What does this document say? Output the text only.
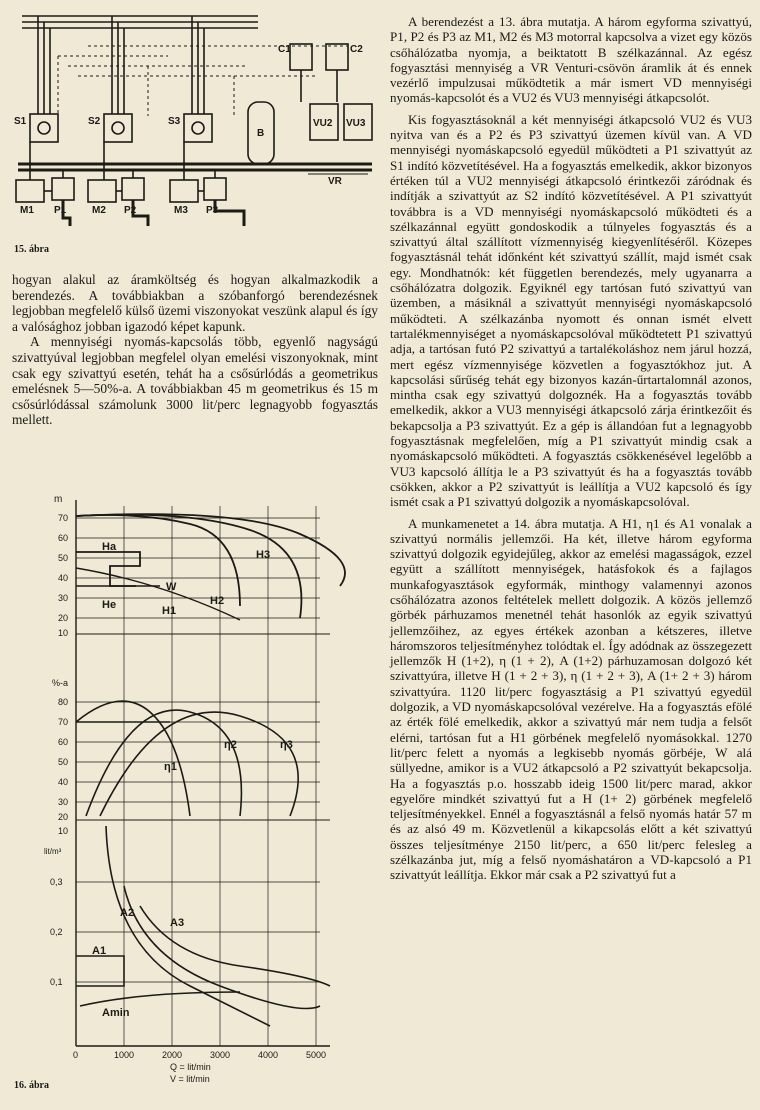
S1	S2	S3
C1	C2
M1 P1	M2 P2	M3 P3
B
VU2 VU3
VR
15. ábra

hogyan alakul az áramköltség és hogyan alkalmazkodik a berendezés. A továbbiakban a szóbanforgó berendezésnek legjobban megfelelő külső üzemi viszonyokat veszünk alapul és így a valósághoz jobban igazodó képet kapunk.

A mennyiségi nyomás-kapcsolás több, egyenlő nagyságú szivattyúval legjobban megfelel olyan emelési viszonyoknak, mint csak egy szivattyú esetén, tehát ha a csősúrlódás a geometrikus emelésnek 5—50%-a. A továbbiakban 45 m geometrikus és 15 m csősúrlódással számolunk 3000 lit/perc legnagyobb fogyasztás mellett.

m
70
60
50
40
30
20
10
%-a
80
70
60
50
40
30
20
10
lit/m³
0,3
0,2
0,1
0	1000	2000	3000	4000	5000
Q = lit/min
V = lit/min
H3
H2
H1
W
Ha
He
η1
η2	η3
A1
A2
A3
Amin
16. ábra

A berendezést a 13. ábra mutatja. A három egyforma szivattyú, P1, P2 és P3 az M1, M2 és M3 motorral kapcsolva a vizet egy közös csőhálózatba nyomja, a beiktatott B szélkazánnal. Az egész fogyasztási mennyiség a VR Venturi-csövön áramlik át és ennek vezérlő impulzusai működtetik a már ismert VD mennyiségi nyomás-kapcsolót és a VU2 és VU3 mennyiségi átkapcsolót.

Kis fogyasztásoknál a két mennyiségi átkapcsoló VU2 és VU3 nyitva van és a P2 és P3 szivattyú üzemen kívül van. A VD mennyiségi nyomáskapcsoló egyedül működteti a P1 szivattyút az S1 indító közvetítésével. Ha a fogyasztás emelkedik, akkor bizonyos értéken túl a VU2 mennyiségi átkapcsoló érintkezői záródnak és indítják a szivattyút az S2 indító közvetítésével. A P1 szivattyút továbbra is a VD mennyiségi nyomáskapcsoló működteti és a szélkazánnal együtt gondoskodik a túlnyeles fogyasztás és a szivattyú által szállított vízmennyiség kiegyenlítéséről. Közepes fogyasztásnál tehát időnként két szivattyú szállít, majd ismét csak egy. Mondhatnók: két független berendezés, mely ugyanarra a csőhálózatra dolgozik. Egyiknél egy tartósan futó szivattyú van üzemben, a másiknál a szivattyút mennyiségi nyomáskapcsoló működteti. A szélkazánba nyomott és onnan ismét elvett tartalékmennyiséget a nyomáskapcsolóval működtetett P1 szivattyú adja, a tartósan futó P2 szivattyú a tartalékoláshoz nem járul hozzá, mert egész vízmennyisége közvetlen a fogyasztókhoz jut. A kapcsolási sűrűség tehát egy bizonyos kazán-űrtartalomnál azonos, mintha csak egy szivattyú dolgoznék. Ha a fogyasztás tovább emelkedik, akkor a VU3 mennyiségi átkapcsoló zárja érintkezőit és bekapcsolja a P3 szivattyút. Ez a gép is állandóan fut a legnagyobb fogyasztásnak megfelelően, míg a P1 szivattyút mindig csak a nyomáskapcsoló működteti. A fogyasztás csökkenésével legelőbb a VU3 kapcsoló állítja le a P3 szivattyút és ha a fogyasztás tovább csökken, akkor a P2 szivattyút is leállítja a VU2 kapcsoló és így ismét csak a P1 szivattyú dolgozik a nyomáskapcsolóval.

A munkamenetet a 14. ábra mutatja. A H1, η1 és A1 vonalak a szivattyú normális jellemzői. Ha két, illetve három egyforma szivattyú dolgozik egyidejűleg, akkor az emelési magasságok, ezzel együtt a szállított mennyiségek, hatásfokok és a fajlagos munkafogyasztások egyformák, minthogy valamennyi azonos csőhálózatra azonos feltételek mellett dolgozik. A közös jellemző görbék párhuzamos menetnél tehát hasonlók az egyik szivattyú jellemzőihez, az egyes értékek azonban a kétszeres, illetve háromszoros teljesítményhez tolódtak el. Így adódnak az összegezett jellemzők H (1+2), η (1 + 2), A (1+2) párhuzamosan dolgozó két szivattyúra, illetve H (1 + 2 + 3), η (1 + 2 + 3), A (1+ 2 + 3) három szivattyúra. 1120 lit/perc fogyasztásig a P1 szivattyú egyedül dolgozik, a VD nyomáskapcsolóval vezérelve. Ha a fogyasztás efölé az érték fölé emelkedik, akkor a szivattyú már nem tudja a felsőt elérni, tartósan fut a H1 görbének megfelelő nyomásokkal. 1270 lit/perc felett a nyomás a legkisebb nyomás görbéje, W alá süllyedne, amikor is a VU2 átkapcsoló a P2 szivattyút bekapcsolja. Ha a fogyasztás p.o. hosszabb ideig 1500 lit/perc marad, akkor egyelőre mindkét szivattyú fut a H (1+ 2) görbének megfelelő teljesítményekkel. Ennél a fogyasztásnál a felső nyomás határ 57 m és az alsó 49 m. Közvetlenül a kikapcsolás előtt a két szivattyú összes teljesítménye 2150 lit/perc, a 650 lit/perc felesleg a szélkazánba jut, míg a felső nyomáshatáron a VD-kapcsoló a P1 szivattyút leállítja. Ekkor már csak a P2 szivattyú fut a
